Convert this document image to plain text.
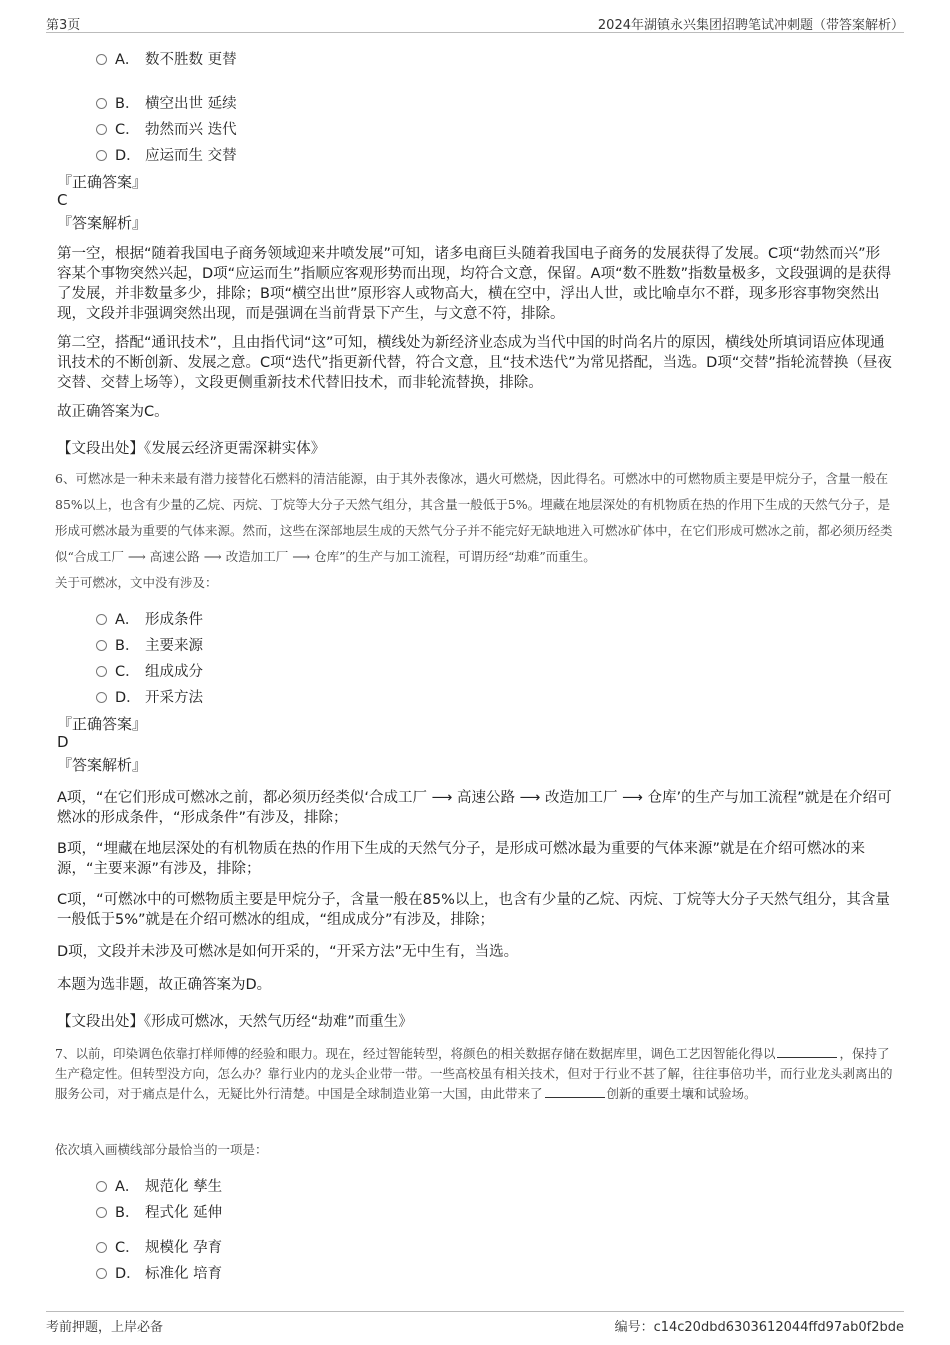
第3页	2024年湖镇永兴集团招聘笔试冲刺题（带答案解析）
A． 数不胜数 更替
B． 横空出世 延续
C． 勃然而兴 迭代
D． 应运而生 交替
『正确答案』
C
『答案解析』
第一空，根据“随着我国电子商务领域迎来井喷发展”可知，诸多电商巨头随着我国电子商务的发展获得了发展。C项“勃然而兴”形容某个事物突然兴起，D项“应运而生”指顺应客观形势而出现，均符合文意，保留。A项“数不胜数”指数量极多，文段强调的是获得了发展，并非数量多少，排除；B项“横空出世”原形容人或物高大，横在空中，浮出人世，或比喻卓尔不群，现多形容事物突然出现，文段并非强调突然出现，而是强调在当前背景下产生，与文意不符，排除。
第二空，搭配“通讯技术”，且由指代词“这”可知，横线处为新经济业态成为当代中国的时尚名片的原因，横线处所填词语应体现通讯技术的不断创新、发展之意。C项“迭代”指更新代替，符合文意，且“技术迭代”为常见搭配，当选。D项“交替”指轮流替换（昼夜交替、交替上场等），文段更侧重新技术代替旧技术，而非轮流替换，排除。
故正确答案为C。
【文段出处】《发展云经济更需深耕实体》
6、可燃冰是一种未来最有潜力接替化石燃料的清洁能源，由于其外表像冰，遇火可燃烧，因此得名。可燃冰中的可燃物质主要是甲烷分子，含量一般在85%以上，也含有少量的乙烷、丙烷、丁烷等大分子天然气组分，其含量一般低于5%。埋藏在地层深处的有机物质在热的作用下生成的天然气分子，是形成可燃冰最为重要的气体来源。然而，这些在深部地层生成的天然气分子并不能完好无缺地进入可燃冰矿体中，在它们形成可燃冰之前，都必须历经类似“合成工厂 ⟶ 高速公路 ⟶ 改造加工厂 ⟶ 仓库”的生产与加工流程，可谓历经“劫难”而重生。
关于可燃冰，文中没有涉及：
A． 形成条件
B． 主要来源
C． 组成成分
D． 开采方法
『正确答案』
D
『答案解析』
A项，“在它们形成可燃冰之前，都必须历经类似‘合成工厂 ⟶ 高速公路 ⟶ 改造加工厂 ⟶ 仓库’的生产与加工流程”就是在介绍可燃冰的形成条件，“形成条件”有涉及，排除；
B项，“埋藏在地层深处的有机物质在热的作用下生成的天然气分子，是形成可燃冰最为重要的气体来源”就是在介绍可燃冰的来源，“主要来源”有涉及，排除；
C项，“可燃冰中的可燃物质主要是甲烷分子，含量一般在85%以上，也含有少量的乙烷、丙烷、丁烷等大分子天然气组分，其含量一般低于5%”就是在介绍可燃冰的组成，“组成成分”有涉及，排除；
D项，文段并未涉及可燃冰是如何开采的，“开采方法”无中生有，当选。
本题为选非题，故正确答案为D。
【文段出处】《形成可燃冰，天然气历经“劫难”而重生》
7、以前，印染调色依靠打样师傅的经验和眼力。现在，经过智能转型，将颜色的相关数据存储在数据库里，调色工艺因智能化得以	，保持了生产稳定性。但转型没方向，怎么办？靠行业内的龙头企业带一带。一些高校虽有相关技术，但对于行业不甚了解，往往事倍功半，而行业龙头剥离出的服务公司，对于痛点是什么，无疑比外行清楚。中国是全球制造业第一大国，由此带来了	创新的重要土壤和试验场。
依次填入画横线部分最恰当的一项是：
A． 规范化 孳生
B． 程式化 延伸
C． 规模化 孕育
D． 标准化 培育
考前押题，上岸必备	编号：c14c20dbd6303612044ffd97ab0f2bde
